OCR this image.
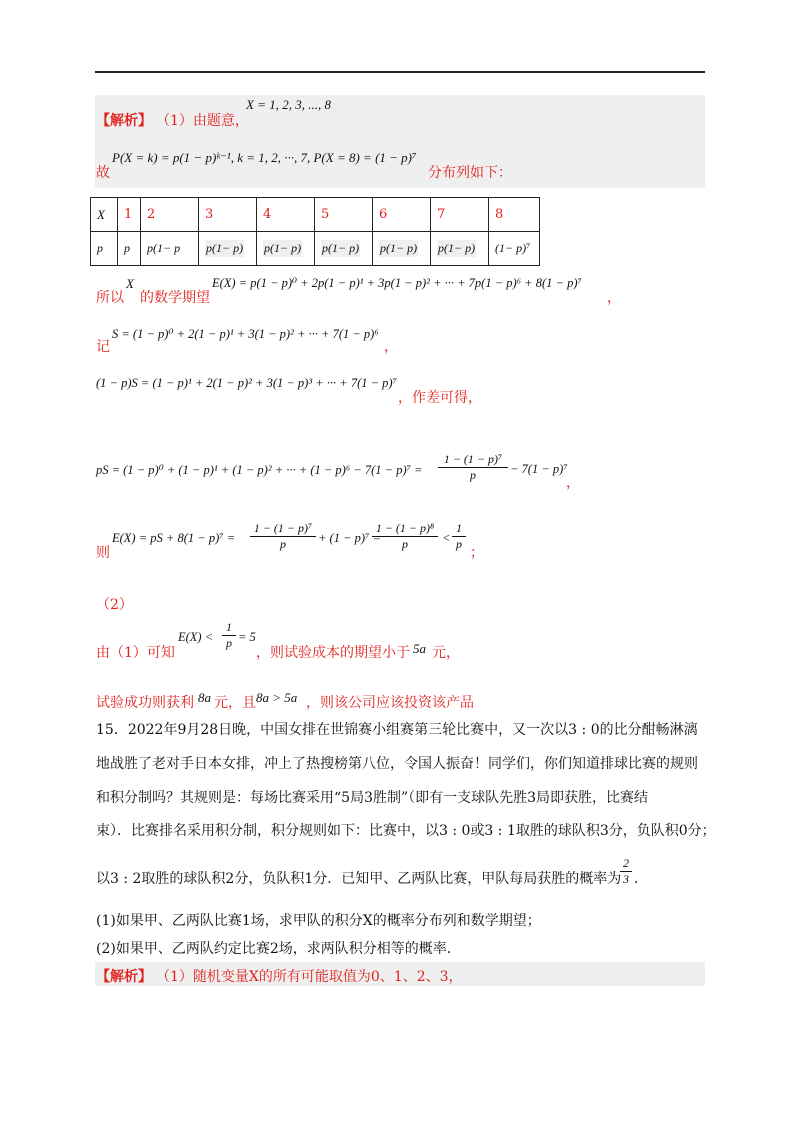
【解析】 （1）由题意，
X = 1, 2, 3, ..., 8
故
P(X = k) = p(1 − p)ᵏ⁻¹, k = 1, 2, ···, 7, P(X = 8) = (1 − p)⁷
分布列如下：
X	1	2	3	4	5	6	7	8
p	p	p(1− p	p(1− p)	p(1− p)	p(1− p)	p(1− p)	p(1− p)	(1− p)⁷
所以
X
的数学期望
E(X) = p(1 − p)⁰ + 2p(1 − p)¹ + 3p(1 − p)² + ··· + 7p(1 − p)⁶ + 8(1 − p)⁷
，
S = (1 − p)⁰ + 2(1 − p)¹ + 3(1 − p)² + ··· + 7(1 − p)⁶
记	，
(1 − p)S = (1 − p)¹ + 2(1 − p)² + 3(1 − p)³ + ··· + 7(1 − p)⁷
，作差可得，
pS = (1 − p)⁰ + (1 − p)¹ + (1 − p)² + ··· + $(1 - p)^6 - 7(1 - p)^7 = \frac{\text{1 − (1 − p)⁷}}{p} - 7(1 - p)^7$
，
则
E(X) = pS + $8(1 - p)^7 = \frac{\text{1 − (1 − p)⁷}}{p} + (1 - p)^7$ =
$\frac{\text{1 − (1 − p)⁸}}{p} < \frac{1}{p}$
；
（2）
由（1）可知
$E(X) < \frac{1}{p} = 5$
，则试验成本的期望小于 5a 元，
试验成功则获利 8a 元，且 8a > 5a ，则该公司应该投资该产品
15．2022年9月28日晚，中国女排在世锦赛小组赛第三轮比赛中，又一次以3 : 0的比分酣畅淋漓
地战胜了老对手日本女排，冲上了热搜榜第八位，令国人振奋！同学们，你们知道排球比赛的规则
和积分制吗？其规则是：每场比赛采用“5局3胜制”（即有一支球队先胜3局即获胜，比赛结
束）．比赛排名采用积分制，积分规则如下：比赛中，以3 : 0或3 : 1取胜的球队积3分，负队积0分；
以3 : 2取胜的球队积2分，负队积1分．已知甲、乙两队比赛，甲队每局获胜的概率为
$\frac{2}{3}$ ．
(1)如果甲、乙两队比赛1场，求甲队的积分X的概率分布列和数学期望；
(2)如果甲、乙两队约定比赛2场，求两队积分相等的概率．
【解析】 （1）随机变量X的所有可能取值为0、1、2、3，
